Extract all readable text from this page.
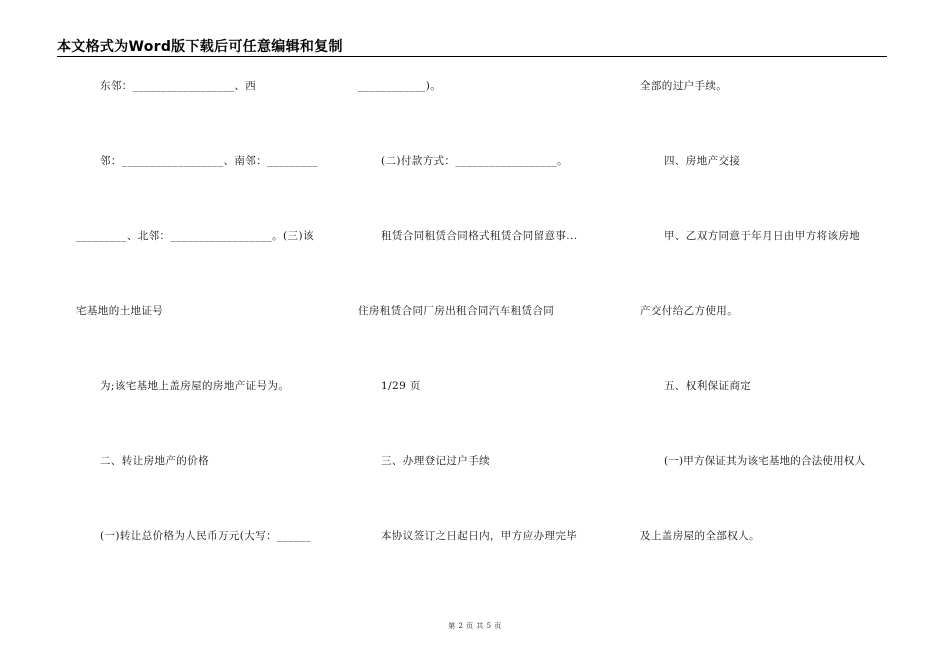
本文格式为Word版下载后可任意编辑和复制
东邻：__________________、西
邻：__________________、南邻：_________
_________、北邻：__________________。(三)该
宅基地的土地证号
为;该宅基地上盖房屋的房地产证号为。
二、转让房地产的价格
(一)转让总价格为人民币万元(大写：______
____________)。
(二)付款方式：__________________。
租赁合同租赁合同格式租赁合同留意事...
住房租赁合同厂房出租合同汽车租赁合同
1/29 页
三、办理登记过户手续
本协议签订之日起日内，甲方应办理完毕
全部的过户手续。
四、房地产交接
甲、乙双方同意于年月日由甲方将该房地
产交付给乙方使用。
五、权利保证商定
(一)甲方保证其为该宅基地的合法使用权人
及上盖房屋的全部权人。
第 2 页 共 5 页
